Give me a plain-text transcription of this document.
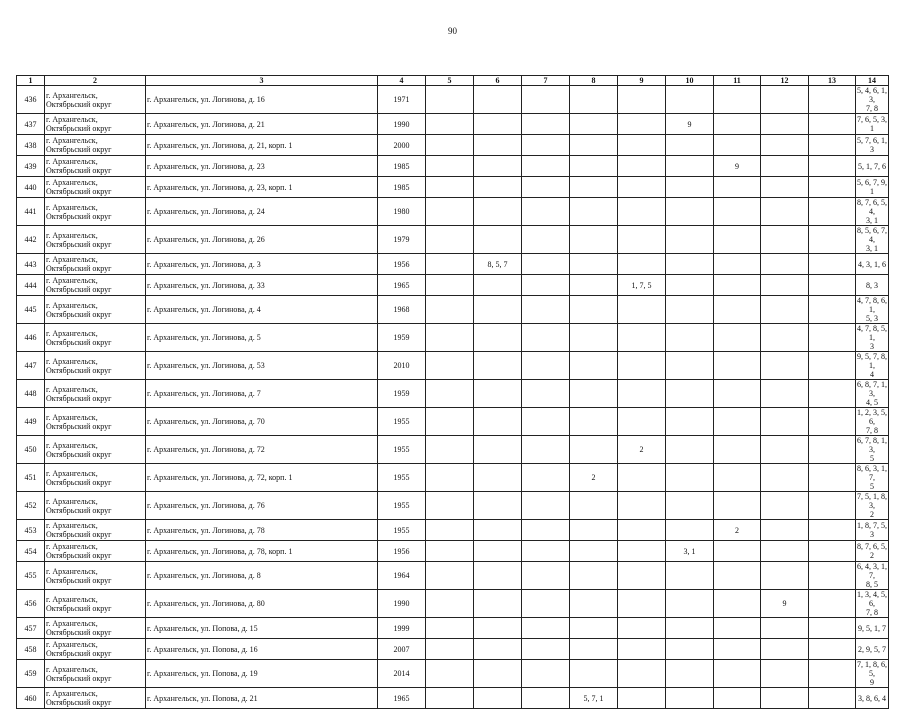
90
1	2	3	4	5	6	7	8	9	10	11	12	13	14
436	г. Архангельск,
Октябрьский округ	г. Архангельск, ул. Логинова, д. 16	1971										5, 4, 6, 1, 3,
7, 8
437	г. Архангельск,
Октябрьский округ	г. Архангельск, ул. Логинова, д. 21	1990						9				7, 6, 5, 3, 1
438	г. Архангельск,
Октябрьский округ	г. Архангельск, ул. Логинова, д. 21, корп. 1	2000										5, 7, 6, 1, 3
439	г. Архангельск,
Октябрьский округ	г. Архангельск, ул. Логинова, д. 23	1985							9			5, 1, 7, 6
440	г. Архангельск,
Октябрьский округ	г. Архангельск, ул. Логинова, д. 23, корп. 1	1985										5, 6, 7, 9, 1
441	г. Архангельск,
Октябрьский округ	г. Архангельск, ул. Логинова, д. 24	1980										8, 7, 6, 5, 4,
3, 1
442	г. Архангельск,
Октябрьский округ	г. Архангельск, ул. Логинова, д. 26	1979										8, 5, 6, 7, 4,
3, 1
443	г. Архангельск,
Октябрьский округ	г. Архангельск, ул. Логинова, д. 3	1956		8, 5, 7								4, 3, 1, 6
444	г. Архангельск,
Октябрьский округ	г. Архангельск, ул. Логинова, д. 33	1965					1, 7, 5					8, 3
445	г. Архангельск,
Октябрьский округ	г. Архангельск, ул. Логинова, д. 4	1968										4, 7, 8, 6, 1,
5, 3
446	г. Архангельск,
Октябрьский округ	г. Архангельск, ул. Логинова, д. 5	1959										4, 7, 8, 5, 1,
3
447	г. Архангельск,
Октябрьский округ	г. Архангельск, ул. Логинова, д. 53	2010										9, 5, 7, 8, 1,
4
448	г. Архангельск,
Октябрьский округ	г. Архангельск, ул. Логинова, д. 7	1959										6, 8, 7, 1, 3,
4, 5
449	г. Архангельск,
Октябрьский округ	г. Архангельск, ул. Логинова, д. 70	1955										1, 2, 3, 5, 6,
7, 8
450	г. Архангельск,
Октябрьский округ	г. Архангельск, ул. Логинова, д. 72	1955					2					6, 7, 8, 1, 3,
5
451	г. Архангельск,
Октябрьский округ	г. Архангельск, ул. Логинова, д. 72, корп. 1	1955				2						8, 6, 3, 1, 7,
5
452	г. Архангельск,
Октябрьский округ	г. Архангельск, ул. Логинова, д. 76	1955										7, 5, 1, 8, 3,
2
453	г. Архангельск,
Октябрьский округ	г. Архангельск, ул. Логинова, д. 78	1955							2			1, 8, 7, 5, 3
454	г. Архангельск,
Октябрьский округ	г. Архангельск, ул. Логинова, д. 78, корп. 1	1956						3, 1				8, 7, 6, 5, 2
455	г. Архангельск,
Октябрьский округ	г. Архангельск, ул. Логинова, д. 8	1964										6, 4, 3, 1, 7,
8, 5
456	г. Архангельск,
Октябрьский округ	г. Архангельск, ул. Логинова, д. 80	1990								9		1, 3, 4, 5, 6,
7, 8
457	г. Архангельск,
Октябрьский округ	г. Архангельск, ул. Попова, д. 15	1999										9, 5, 1, 7
458	г. Архангельск,
Октябрьский округ	г. Архангельск, ул. Попова, д. 16	2007										2, 9, 5, 7
459	г. Архангельск,
Октябрьский округ	г. Архангельск, ул. Попова, д. 19	2014										7, 1, 8, 6, 5,
9
460	г. Архангельск,
Октябрьский округ	г. Архангельск, ул. Попова, д. 21	1965				5, 7, 1						3, 8, 6, 4
